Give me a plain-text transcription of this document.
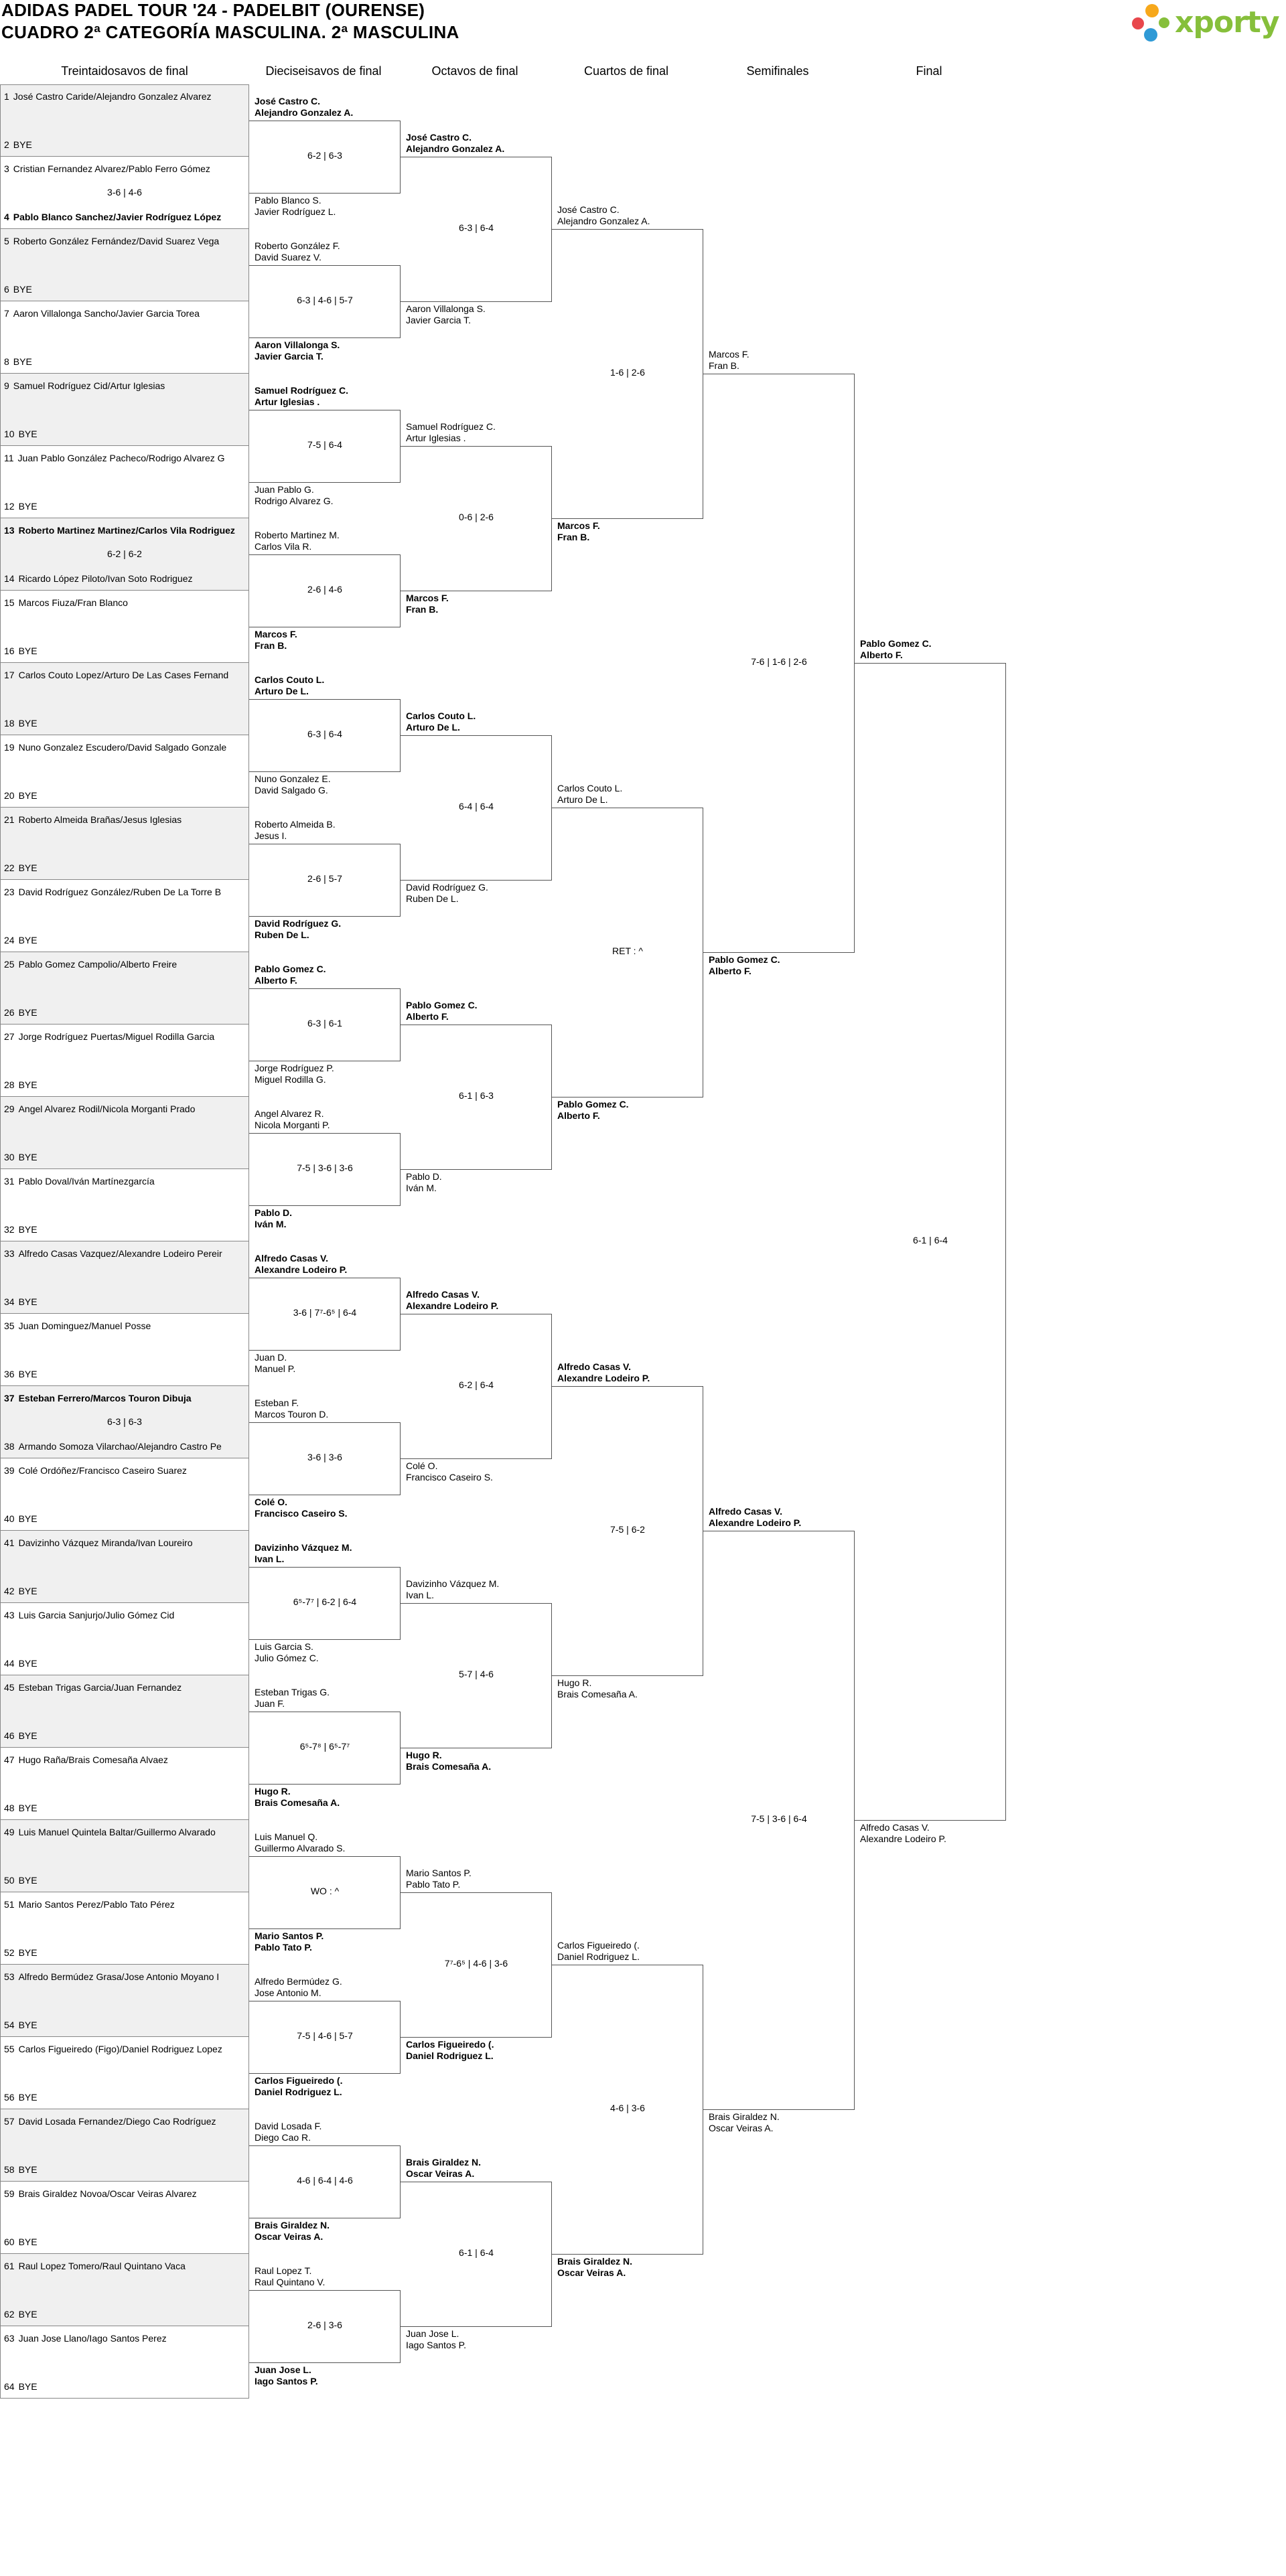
ADIDAS PADEL TOUR '24 - PADELBIT (OURENSE)
CUADRO 2ª CATEGORÍA MASCULINA. 2ª MASCULINA	xporty
Treintaidosavos de final	Dieciseisavos de final	Octavos de final	Cuartos de final	Semifinales	Final
1 José Castro Caride/Alejandro Gonzalez Alvarez
2 BYE
3 Cristian Fernandez Alvarez/Pablo Ferro Gómez
4 Pablo Blanco Sanchez/Javier Rodríguez López
3-6 | 4-6
5 Roberto González Fernández/David Suarez Vega
6 BYE
7 Aaron Villalonga Sancho/Javier Garcia Torea
8 BYE
9 Samuel Rodríguez Cid/Artur Iglesias
10 BYE
11 Juan Pablo González Pacheco/Rodrigo Alvarez G
12 BYE
13 Roberto Martinez Martinez/Carlos Vila Rodriguez
14 Ricardo López Piloto/Ivan Soto Rodriguez
6-2 | 6-2
15 Marcos Fiuza/Fran Blanco
16 BYE
17 Carlos Couto Lopez/Arturo De Las Cases Fernand
18 BYE
19 Nuno Gonzalez Escudero/David Salgado Gonzale
20 BYE
21 Roberto Almeida Brañas/Jesus Iglesias
22 BYE
23 David Rodríguez González/Ruben De La Torre B
24 BYE
25 Pablo Gomez Campolio/Alberto Freire
26 BYE
27 Jorge Rodríguez Puertas/Miguel Rodilla Garcia
28 BYE
29 Angel Alvarez Rodil/Nicola Morganti Prado
30 BYE
31 Pablo Doval/Iván Martínezgarcía
32 BYE
33 Alfredo Casas Vazquez/Alexandre Lodeiro Pereir
34 BYE
35 Juan Dominguez/Manuel Posse
36 BYE
37 Esteban Ferrero/Marcos Touron Dibuja
38 Armando Somoza Vilarchao/Alejandro Castro Pe
6-3 | 6-3
39 Colé Ordóñez/Francisco Caseiro Suarez
40 BYE
41 Davizinho Vázquez Miranda/Ivan Loureiro
42 BYE
43 Luis Garcia Sanjurjo/Julio Gómez Cid
44 BYE
45 Esteban Trigas Garcia/Juan Fernandez
46 BYE
47 Hugo Raña/Brais Comesaña Alvaez
48 BYE
49 Luis Manuel Quintela Baltar/Guillermo Alvarado
50 BYE
51 Mario Santos Perez/Pablo Tato Pérez
52 BYE
53 Alfredo Bermúdez Grasa/Jose Antonio Moyano I
54 BYE
55 Carlos Figueiredo (Figo)/Daniel Rodriguez Lopez
56 BYE
57 David Losada Fernandez/Diego Cao Rodríguez
58 BYE
59 Brais Giraldez Novoa/Oscar Veiras Alvarez
60 BYE
61 Raul Lopez Tomero/Raul Quintano Vaca
62 BYE
63 Juan Jose Llano/Iago Santos Perez
64 BYE
José Castro C.
Alejandro Gonzalez A.
Pablo Blanco S.
Javier Rodríguez L.
6-2 | 6-3
Roberto González F.
David Suarez V.
Aaron Villalonga S.
Javier Garcia T.
6-3 | 4-6 | 5-7
Samuel Rodríguez C.
Artur Iglesias .
Juan Pablo G.
Rodrigo Alvarez G.
7-5 | 6-4
Roberto Martinez M.
Carlos Vila R.
Marcos F.
Fran B.
2-6 | 4-6
Carlos Couto L.
Arturo De L.
Nuno Gonzalez E.
David Salgado G.
6-3 | 6-4
Roberto Almeida B.
Jesus I.
David Rodríguez G.
Ruben De L.
2-6 | 5-7
Pablo Gomez C.
Alberto F.
Jorge Rodríguez P.
Miguel Rodilla G.
6-3 | 6-1
Angel Alvarez R.
Nicola Morganti P.
Pablo D.
Iván M.
7-5 | 3-6 | 3-6
Alfredo Casas V.
Alexandre Lodeiro P.
Juan D.
Manuel P.
3-6 | 7⁷-6⁵ | 6-4
Esteban F.
Marcos Touron D.
Colé O.
Francisco Caseiro S.
3-6 | 3-6
Davizinho Vázquez M.
Ivan L.
Luis Garcia S.
Julio Gómez C.
6⁵-7⁷ | 6-2 | 6-4
Esteban Trigas G.
Juan F.
Hugo R.
Brais Comesaña A.
6⁵-7⁸ | 6⁵-7⁷
Luis Manuel Q.
Guillermo Alvarado S.
Mario Santos P.
Pablo Tato P.
WO : ^
Alfredo Bermúdez G.
Jose Antonio M.
Carlos Figueiredo (.
Daniel Rodriguez L.
7-5 | 4-6 | 5-7
David Losada F.
Diego Cao R.
Brais Giraldez N.
Oscar Veiras A.
4-6 | 6-4 | 4-6
Raul Lopez T.
Raul Quintano V.
Juan Jose L.
Iago Santos P.
2-6 | 3-6
José Castro C.
Alejandro Gonzalez A.
Aaron Villalonga S.
Javier Garcia T.
6-3 | 6-4
Samuel Rodríguez C.
Artur Iglesias .
Marcos F.
Fran B.
0-6 | 2-6
Carlos Couto L.
Arturo De L.
David Rodríguez G.
Ruben De L.
6-4 | 6-4
Pablo Gomez C.
Alberto F.
Pablo D.
Iván M.
6-1 | 6-3
Alfredo Casas V.
Alexandre Lodeiro P.
Colé O.
Francisco Caseiro S.
6-2 | 6-4
Davizinho Vázquez M.
Ivan L.
Hugo R.
Brais Comesaña A.
5-7 | 4-6
Mario Santos P.
Pablo Tato P.
Carlos Figueiredo (.
Daniel Rodriguez L.
7⁷-6⁵ | 4-6 | 3-6
Brais Giraldez N.
Oscar Veiras A.
Juan Jose L.
Iago Santos P.
6-1 | 6-4
José Castro C.
Alejandro Gonzalez A.
Marcos F.
Fran B.
1-6 | 2-6
Carlos Couto L.
Arturo De L.
Pablo Gomez C.
Alberto F.
RET : ^
Alfredo Casas V.
Alexandre Lodeiro P.
Hugo R.
Brais Comesaña A.
7-5 | 6-2
Carlos Figueiredo (.
Daniel Rodriguez L.
Brais Giraldez N.
Oscar Veiras A.
4-6 | 3-6
Marcos F.
Fran B.
Pablo Gomez C.
Alberto F.
7-6 | 1-6 | 2-6
Alfredo Casas V.
Alexandre Lodeiro P.
Brais Giraldez N.
Oscar Veiras A.
7-5 | 3-6 | 6-4
Pablo Gomez C.
Alberto F.
Alfredo Casas V.
Alexandre Lodeiro P.
6-1 | 6-4
